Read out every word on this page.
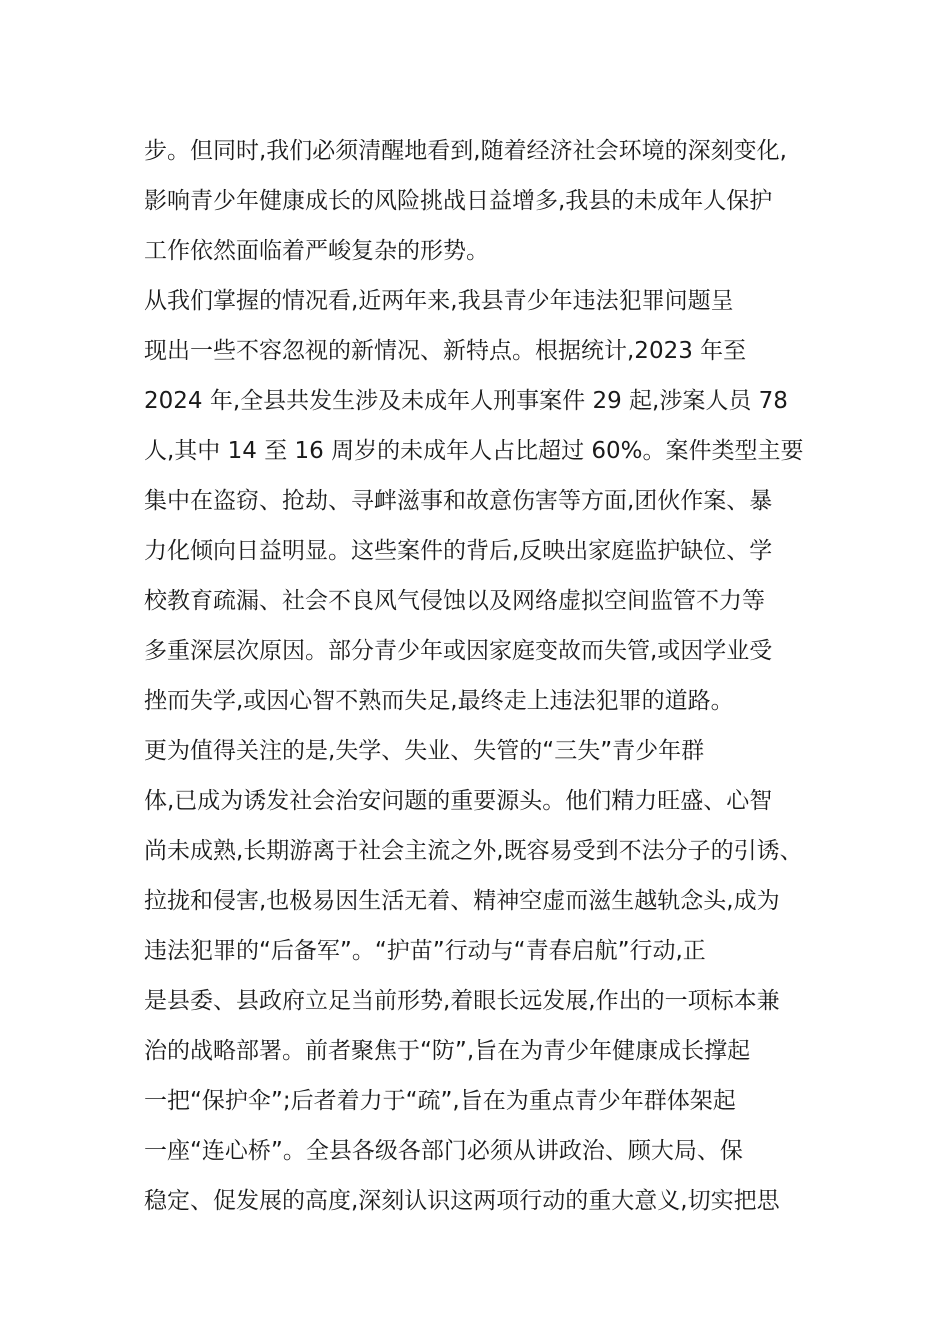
步。但同时,我们必须清醒地看到,随着经济社会环境的深刻变化,
影响青少年健康成长的风险挑战日益增多,我县的未成年人保护
工作依然面临着严峻复杂的形势。
从我们掌握的情况看,近两年来,我县青少年违法犯罪问题呈
现出一些不容忽视的新情况、新特点。根据统计,2023 年至
2024 年,全县共发生涉及未成年人刑事案件 29 起,涉案人员 78
人,其中 14 至 16 周岁的未成年人占比超过 60%。案件类型主要
集中在盗窃、抢劫、寻衅滋事和故意伤害等方面,团伙作案、暴
力化倾向日益明显。这些案件的背后,反映出家庭监护缺位、学
校教育疏漏、社会不良风气侵蚀以及网络虚拟空间监管不力等
多重深层次原因。部分青少年或因家庭变故而失管,或因学业受
挫而失学,或因心智不熟而失足,最终走上违法犯罪的道路。
更为值得关注的是,失学、失业、失管的“三失”青少年群
体,已成为诱发社会治安问题的重要源头。他们精力旺盛、心智
尚未成熟,长期游离于社会主流之外,既容易受到不法分子的引诱、
拉拢和侵害,也极易因生活无着、精神空虚而滋生越轨念头,成为
违法犯罪的“后备军”。“护苗”行动与“青春启航”行动,正
是县委、县政府立足当前形势,着眼长远发展,作出的一项标本兼
治的战略部署。前者聚焦于“防”,旨在为青少年健康成长撑起
一把“保护伞”;后者着力于“疏”,旨在为重点青少年群体架起
一座“连心桥”。全县各级各部门必须从讲政治、顾大局、保
稳定、促发展的高度,深刻认识这两项行动的重大意义,切实把思
